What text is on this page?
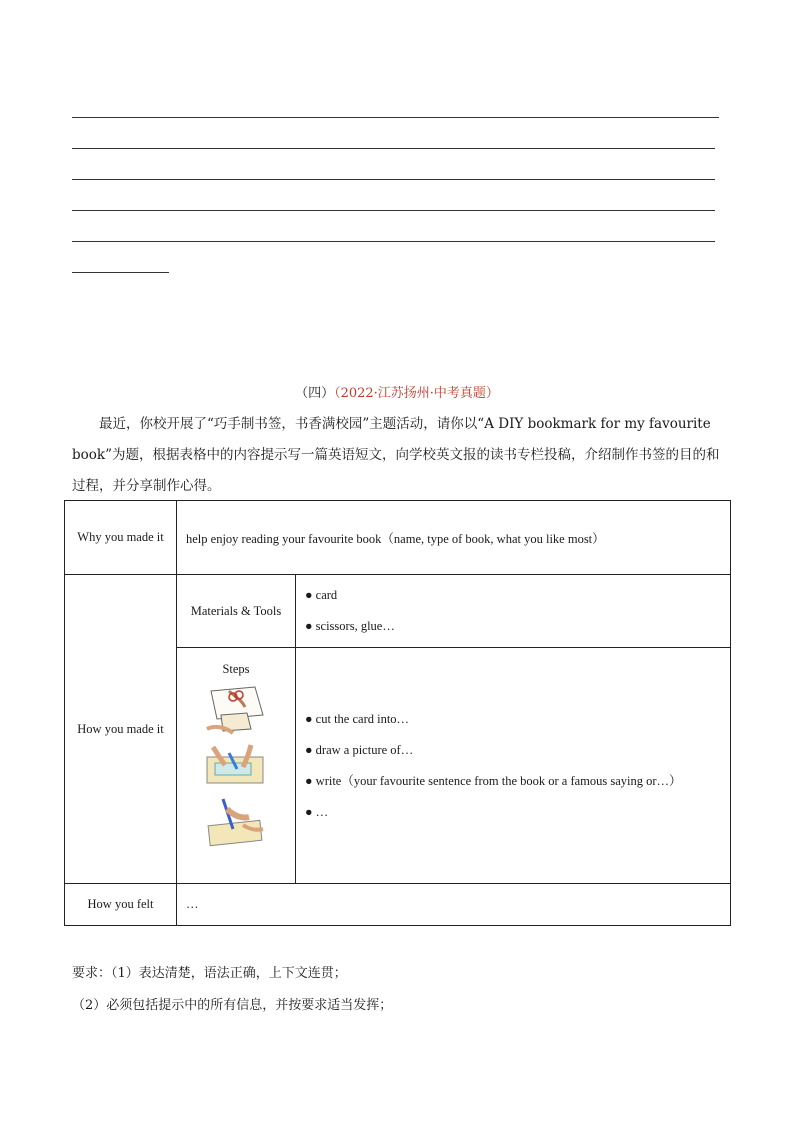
（四）（2022·江苏扬州·中考真题）
最近，你校开展了“巧手制书签，书香满校园”主题活动，请你以“A DIY bookmark for my favourite book”为题，根据表格中的内容提示写一篇英语短文，向学校英文报的读书专栏投稿，介绍制作书签的目的和过程，并分享制作心得。
Why you made it	help enjoy reading your favourite book（name, type of book, what you like most）	
How you made it	Materials & Tools	● card
● scissors, glue…

	Steps	● cut the card into…
● draw a picture of…
● write（your favourite sentence from the book or a famous saying or…）
● …

How you felt	…	
要求：（1）表达清楚，语法正确，上下文连贯；
（2）必须包括提示中的所有信息，并按要求适当发挥；
